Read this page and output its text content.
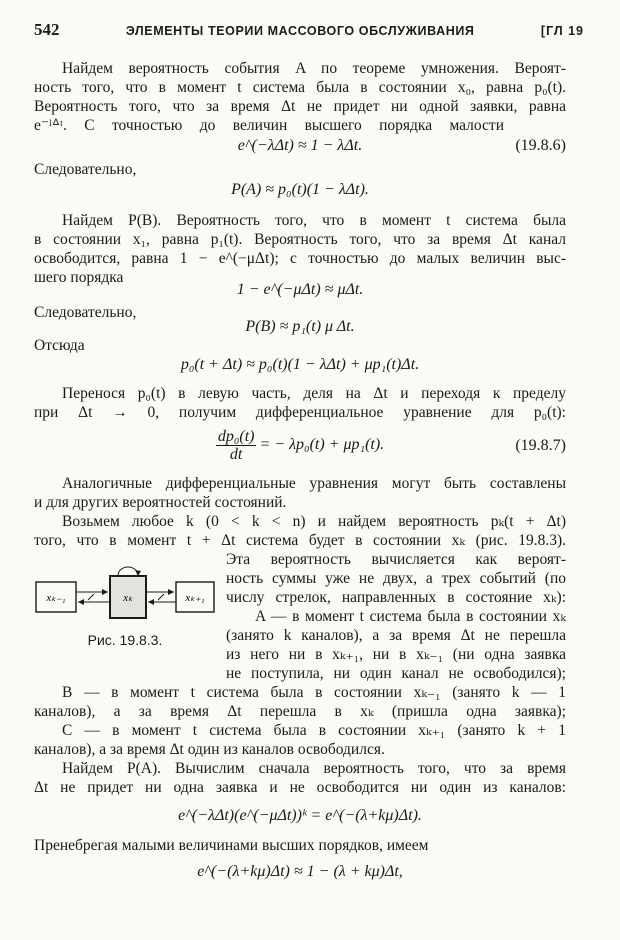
542	ЭЛЕМЕНТЫ ТЕОРИИ МАССОВОГО ОБСЛУЖИВАНИЯ	[ГЛ 19
Найдем вероятность события A по теореме умножения. Вероят-
ность того, что в момент t система была в состоянии x₀, равна p₀(t).
Вероятность того, что за время Δt не придет ни одной заявки, равна
e⁻ˡᐞᵗ. С точностью до величин высшего порядка малости
e^(−λΔt) ≈ 1 − λΔt.	(19.8.6)
Следовательно,
P(A) ≈ p₀(t)(1 − λΔt).
Найдем P(B). Вероятность того, что в момент t система была
в состоянии x₁, равна p₁(t). Вероятность того, что за время Δt канал
освободится, равна 1 − e^(−μΔt); с точностью до малых величин выс-
шего порядка
1 − e^(−μΔt) ≈ μΔt.
Следовательно,
P(B) ≈ p₁(t) μ Δt.
Отсюда
p₀(t + Δt) ≈ p₀(t)(1 − λΔt) + μp₁(t)Δt.
Перенося p₀(t) в левую часть, деля на Δt и переходя к пределу
при Δt → 0, получим дифференциальное уравнение для p₀(t):
$\frac{\text{dp₀(t)}}{dt}$ = − λp₀(t) + μp₁(t).	(19.8.7)
Аналогичные дифференциальные уравнения могут быть составлены
и для других вероятностей состояний.
Возьмем любое k (0 < k < n) и найдем вероятность pₖ(t + Δt)
того, что в момент t + Δt система будет в состоянии xₖ (рис. 19.8.3).
Эта вероятность вычисляется как вероят-
ность суммы уже не двух, а трех событий (по
числу стрелок, направленных в состояние xₖ):
A — в момент t система была в состоянии xₖ
(занято k каналов), а за время Δt не перешла
из него ни в xₖ₊₁, ни в xₖ₋₁ (ни одна заявка
не поступила, ни один канал не освободился);
xₖ₋₁	xₖ	xₖ₊₁
Рис. 19.8.3.
B — в момент t система была в состоянии xₖ₋₁ (занято k — 1
каналов), а за время Δt перешла в xₖ (пришла одна заявка);
C — в момент t система была в состоянии xₖ₊₁ (занято k + 1
каналов), а за время Δt один из каналов освободился.
Найдем P(A). Вычислим сначала вероятность того, что за время
Δt не придет ни одна заявка и не освободится ни один из каналов:
e^(−λΔt)(e^(−μΔt))ᵏ = e^(−(λ+kμ)Δt).
Пренебрегая малыми величинами высших порядков, имеем
e^(−(λ+kμ)Δt) ≈ 1 − (λ + kμ)Δt,
